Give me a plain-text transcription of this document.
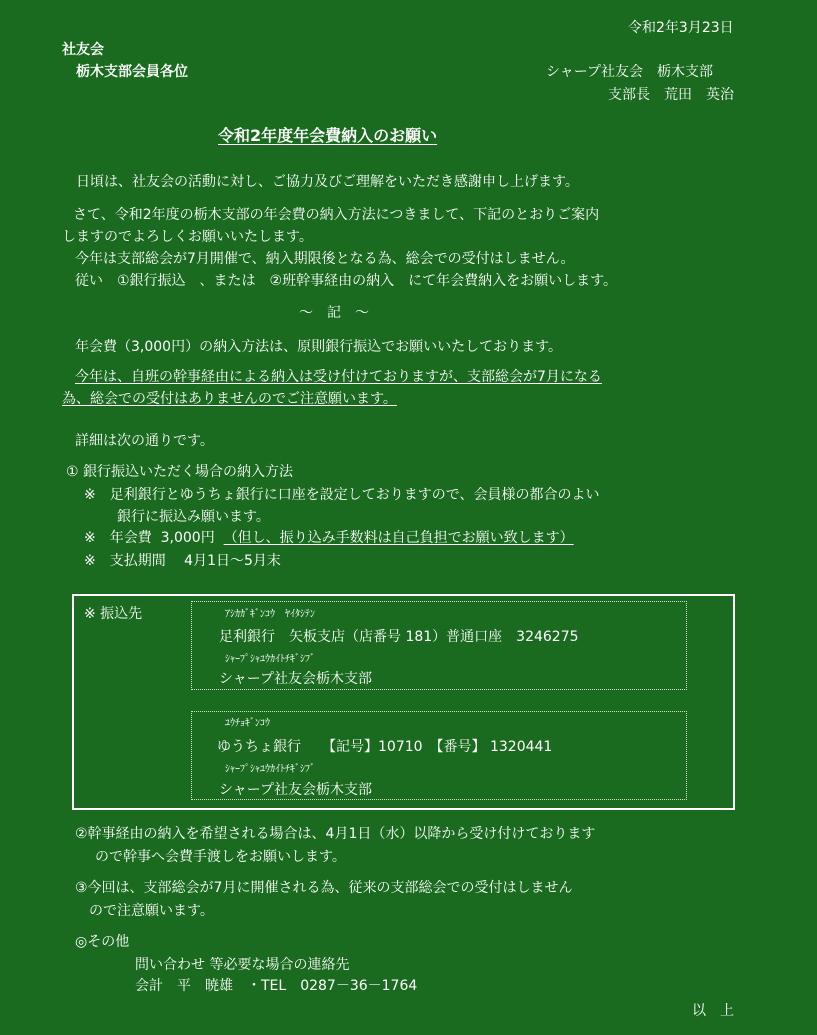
令和2年3月23日
社友会
栃木支部会員各位	シャープ社友会　栃木支部
支部長　荒田　英治
令和2年度年会費納入のお願い
日頃は、社友会の活動に対し、ご協力及びご理解をいただき感謝申し上げます。
さて、令和2年度の栃木支部の年会費の納入方法につきまして、下記のとおりご案内
しますのでよろしくお願いいたします。
今年は支部総会が7月開催で、納入期限後となる為、総会での受付はしません。
従い　①銀行振込　、または　②班幹事経由の納入　にて年会費納入をお願いします。
～　記　～
年会費（3,000円）の納入方法は、原則銀行振込でお願いいたしております。
今年は、自班の幹事経由による納入は受け付けておりますが、支部総会が7月になる
為、総会での受付はありませんのでご注意願います。
詳細は次の通りです。
① 銀行振込いただく場合の納入方法
※　足利銀行とゆうちょ銀行に口座を設定しておりますので、会員様の都合のよい
銀行に振込み願います。
※　年会費  3,000円  （但し、振り込み手数料は自己負担でお願い致します）
※　支払期間　 4月1日～5月末
※ 振込先	ｱｼｶｶﾞｷﾞﾝｺｳ　ﾔｲﾀｼﾃﾝ
足利銀行　矢板支店（店番号 181）普通口座　3246275
ｼｬｰﾌﾟｼｬﾕｳｶｲﾄﾁｷﾞｼﾌﾞ
シャープ社友会栃木支部
ﾕｳﾁｮｷﾞﾝｺｳ
ゆうちょ銀行　　【記号】10710　【番号】 1320441
ｼｬｰﾌﾟｼｬﾕｳｶｲﾄﾁｷﾞｼﾌﾞ
シャープ社友会栃木支部
②幹事経由の納入を希望される場合は、4月1日（水）以降から受け付けております
ので幹事へ会費手渡しをお願いします。
③今回は、支部総会が7月に開催される為、従来の支部総会での受付はしません
ので注意願います。
◎その他
問い合わせ 等必要な場合の連絡先
会計　平　暁雄　・TEL　0287－36－1764
以　上
